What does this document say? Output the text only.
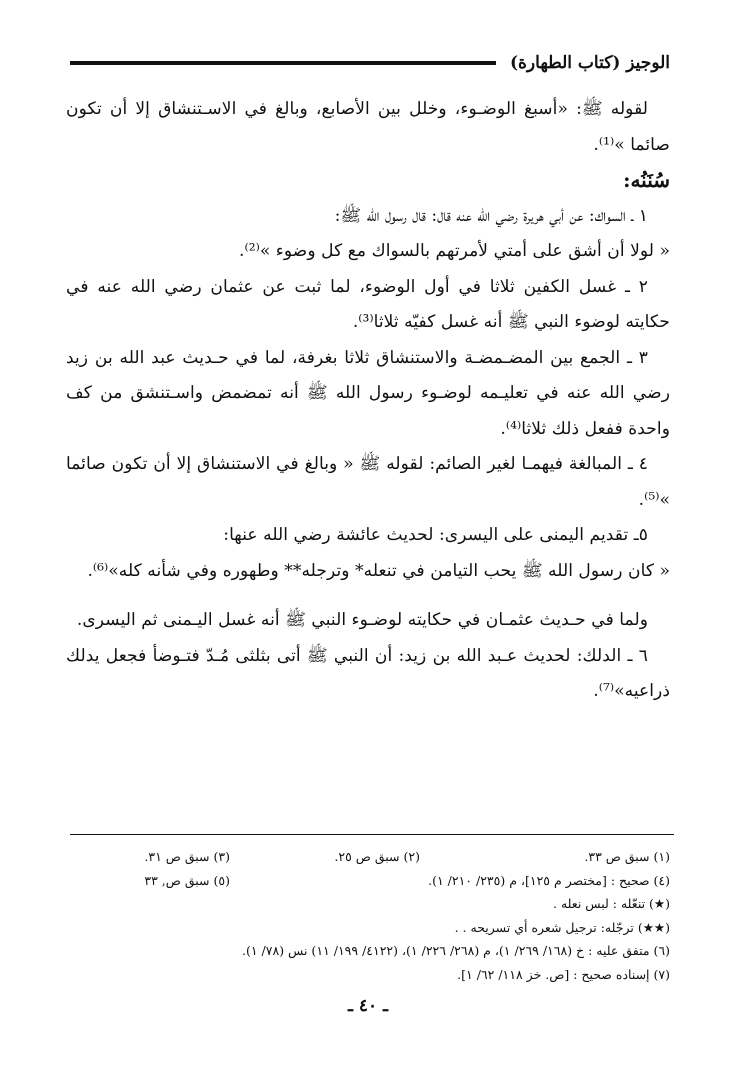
الوجيز (كتاب الطهارة)

لقوله ﷺ: «أسبغ الوضـوء، وخلل بين الأصابع، وبالغ في الاسـتنشاق إلا أن تكون صائما »⁽¹⁾.

سُنَنُه:

١ ـ السواك: عن أبي هريرة رضي الله عنه قال: قال رسول الله ﷺ:

« لولا أن أشق على أمتي لأمرتهم بالسواك مع كل وضوء »⁽²⁾.

٢ ـ غسل الكفين ثلاثا في أول الوضوء، لما ثبت عن عثمان رضي الله عنه في حكايته لوضوء النبي ﷺ أنه غسل كفيّه ثلاثا⁽³⁾.

٣ ـ الجمع بين المضـمضـة والاستنشاق ثلاثا بغرفة، لما في حـديث عبد الله بن زيد رضي الله عنه في تعليـمه لوضـوء رسول الله ﷺ أنه تمضمض واسـتنشق من كف واحدة ففعل ذلك ثلاثا⁽⁴⁾.

٤ ـ المبالغة فيهمـا لغير الصائم: لقوله ﷺ « وبالغ في الاستنشاق إلا أن تكون صائما »⁽⁵⁾.

٥ـ تقديم اليمنى على اليسرى: لحديث عائشة رضي الله عنها:

« كان رسول الله ﷺ يحب التيامن في تنعله* وترجله** وطهوره وفي شأنه كله»⁽⁶⁾.

ولما في حـديث عثمـان في حكايته لوضـوء النبي ﷺ أنه غسل اليـمنى ثم اليسرى.

٦ ـ الدلك: لحديث عـبد الله بن زيد: أن النبي ﷺ أتى بثلثى مُـدّ فتـوضأ فجعل يدلك ذراعيه»⁽⁷⁾.

(١) سبق ص ٣٣.
(٢) سبق ص ٢٥.
(٣) سبق ص ٣١.
(٤) صحيح : [مختصر م ١٢٥]، م (٢٣٥/ ٢١٠/ ١).
(٥) سبق ص, ٣٣
(★) تنعّله : لبس نعله .
(★★) ترجّله: ترجيل شعره أي تسريحه . .
(٦) متفق عليه : خ (١٦٨/ ٢٦٩/ ١)، م (٢٦٨/ ٢٢٦/ ١)، (٤١٢٢/ ١٩٩/ ١١) نس (٧٨/ ١).
(٧) إسناده صحيح : [ص. خز ١١٨/ ٦٢/ ١].
ـ ٤٠ ـ
